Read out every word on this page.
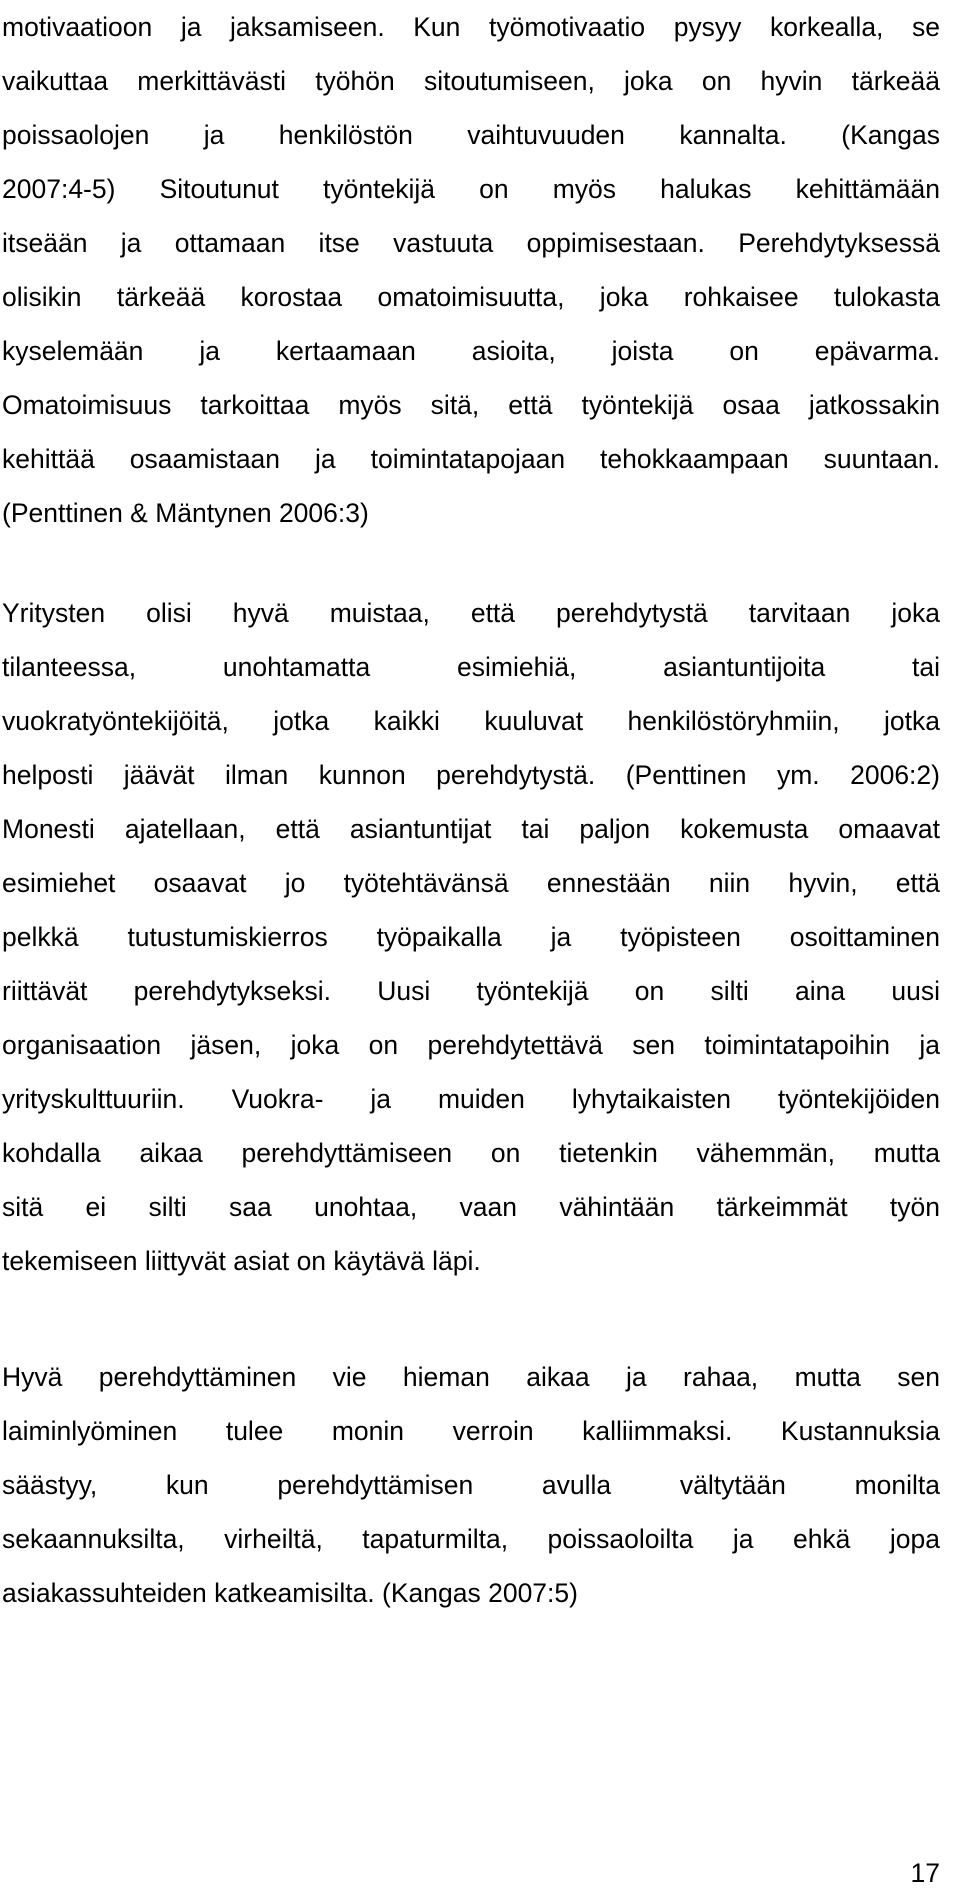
motivaatioon ja jaksamiseen. Kun työmotivaatio pysyy korkealla, se
vaikuttaa merkittävästi työhön sitoutumiseen, joka on hyvin tärkeää
poissaolojen ja henkilöstön vaihtuvuuden kannalta. (Kangas
2007:4-5) Sitoutunut työntekijä on myös halukas kehittämään
itseään ja ottamaan itse vastuuta oppimisestaan. Perehdytyksessä
olisikin tärkeää korostaa omatoimisuutta, joka rohkaisee tulokasta
kyselemään ja kertaamaan asioita, joista on epävarma.
Omatoimisuus tarkoittaa myös sitä, että työntekijä osaa jatkossakin
kehittää osaamistaan ja toimintatapojaan tehokkaampaan suuntaan.
(Penttinen & Mäntynen 2006:3)
Yritysten olisi hyvä muistaa, että perehdytystä tarvitaan joka
tilanteessa, unohtamatta esimiehiä, asiantuntijoita tai
vuokratyöntekijöitä, jotka kaikki kuuluvat henkilöstöryhmiin, jotka
helposti jäävät ilman kunnon perehdytystä. (Penttinen ym. 2006:2)
Monesti ajatellaan, että asiantuntijat tai paljon kokemusta omaavat
esimiehet osaavat jo työtehtävänsä ennestään niin hyvin, että
pelkkä tutustumiskierros työpaikalla ja työpisteen osoittaminen
riittävät perehdytykseksi. Uusi työntekijä on silti aina uusi
organisaation jäsen, joka on perehdytettävä sen toimintatapoihin ja
yrityskulttuuriin. Vuokra- ja muiden lyhytaikaisten työntekijöiden
kohdalla aikaa perehdyttämiseen on tietenkin vähemmän, mutta
sitä ei silti saa unohtaa, vaan vähintään tärkeimmät työn
tekemiseen liittyvät asiat on käytävä läpi.
Hyvä perehdyttäminen vie hieman aikaa ja rahaa, mutta sen
laiminlyöminen tulee monin verroin kalliimmaksi. Kustannuksia
säästyy, kun perehdyttämisen avulla vältytään monilta
sekaannuksilta, virheiltä, tapaturmilta, poissaoloilta ja ehkä jopa
asiakassuhteiden katkeamisilta. (Kangas 2007:5)
17
